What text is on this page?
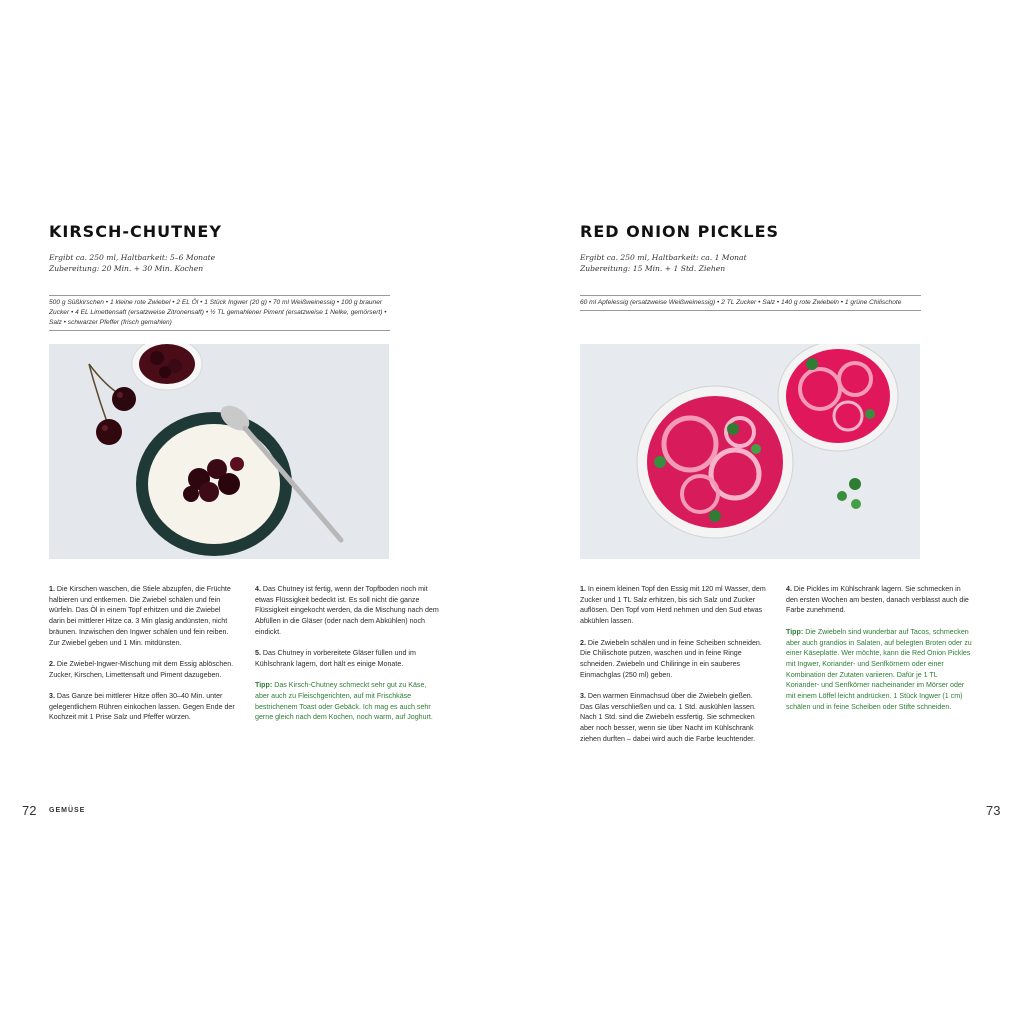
KIRSCH-CHUTNEY
Ergibt ca. 250 ml, Haltbarkeit: 5–6 Monate
Zubereitung: 20 Min. + 30 Min. Kochen
500 g Süßkirschen • 1 kleine rote Zwiebel • 2 EL Öl • 1 Stück Ingwer (20 g) • 70 ml Weißweinessig • 100 g brauner Zucker • 4 EL Limettensaft (ersatzweise Zitronensaft) • ½ TL gemahlener Piment (ersatzweise 1 Nelke, gemörsert) • Salz • schwarzer Pfeffer (frisch gemahlen)

1. Die Kirschen waschen, die Stiele abzupfen, die Früchte halbieren und entkernen. Die Zwiebel schälen und fein würfeln. Das Öl in einem Topf erhitzen und die Zwiebel darin bei mittlerer Hitze ca. 3 Min glasig andünsten, nicht bräunen. Inzwischen den Ingwer schälen und fein reiben. Zur Zwiebel geben und 1 Min. mitdünsten.

2. Die Zwiebel-Ingwer-Mischung mit dem Essig ablöschen. Zucker, Kirschen, Limettensaft und Piment dazugeben.

3. Das Ganze bei mittlerer Hitze offen 30–40 Min. unter gelegentlichem Rühren einkochen lassen. Gegen Ende der Kochzeit mit 1 Prise Salz und Pfeffer würzen.

4. Das Chutney ist fertig, wenn der Topfboden noch mit etwas Flüssigkeit bedeckt ist. Es soll nicht die ganze Flüssigkeit eingekocht werden, da die Mischung nach dem Abfüllen in die Gläser (oder nach dem Abkühlen) noch eindickt.

5. Das Chutney in vorbereitete Gläser füllen und im Kühlschrank lagern, dort hält es einige Monate.

Tipp: Das Kirsch-Chutney schmeckt sehr gut zu Käse, aber auch zu Fleischgerichten, auf mit Frischkäse bestrichenem Toast oder Gebäck. Ich mag es auch sehr gerne gleich nach dem Kochen, noch warm, auf Joghurt.

72 GEMÜSE
RED ONION PICKLES
Ergibt ca. 250 ml, Haltbarkeit: ca. 1 Monat
Zubereitung: 15 Min. + 1 Std. Ziehen
60 ml Apfelessig (ersatzweise Weißweinessig) • 2 TL Zucker • Salz • 140 g rote Zwiebeln • 1 grüne Chilischote

1. In einem kleinen Topf den Essig mit 120 ml Wasser, dem Zucker und 1 TL Salz erhitzen, bis sich Salz und Zucker auflösen. Den Topf vom Herd nehmen und den Sud etwas abkühlen lassen.

2. Die Zwiebeln schälen und in feine Scheiben schneiden. Die Chilischote putzen, waschen und in feine Ringe schneiden. Zwiebeln und Chiliringe in ein sauberes Einmachglas (250 ml) geben.

3. Den warmen Einmachsud über die Zwiebeln gießen. Das Glas verschließen und ca. 1 Std. auskühlen lassen. Nach 1 Std. sind die Zwiebeln essfertig. Sie schmecken aber noch besser, wenn sie über Nacht im Kühlschrank ziehen durften – dabei wird auch die Farbe leuchtender.

4. Die Pickles im Kühlschrank lagern. Sie schmecken in den ersten Wochen am besten, danach verblasst auch die Farbe zunehmend.

Tipp: Die Zwiebeln sind wunderbar auf Tacos, schmecken aber auch grandios in Salaten, auf belegten Broten oder zu einer Käseplatte. Wer möchte, kann die Red Onion Pickles mit Ingwer, Koriander- und Senfkörnern oder einer Kombination der Zutaten variieren. Dafür je 1 TL Koriander- und Senfkörner nacheinander im Mörser oder mit einem Löffel leicht andrücken. 1 Stück Ingwer (1 cm) schälen und in feine Scheiben oder Stifte schneiden.

73
